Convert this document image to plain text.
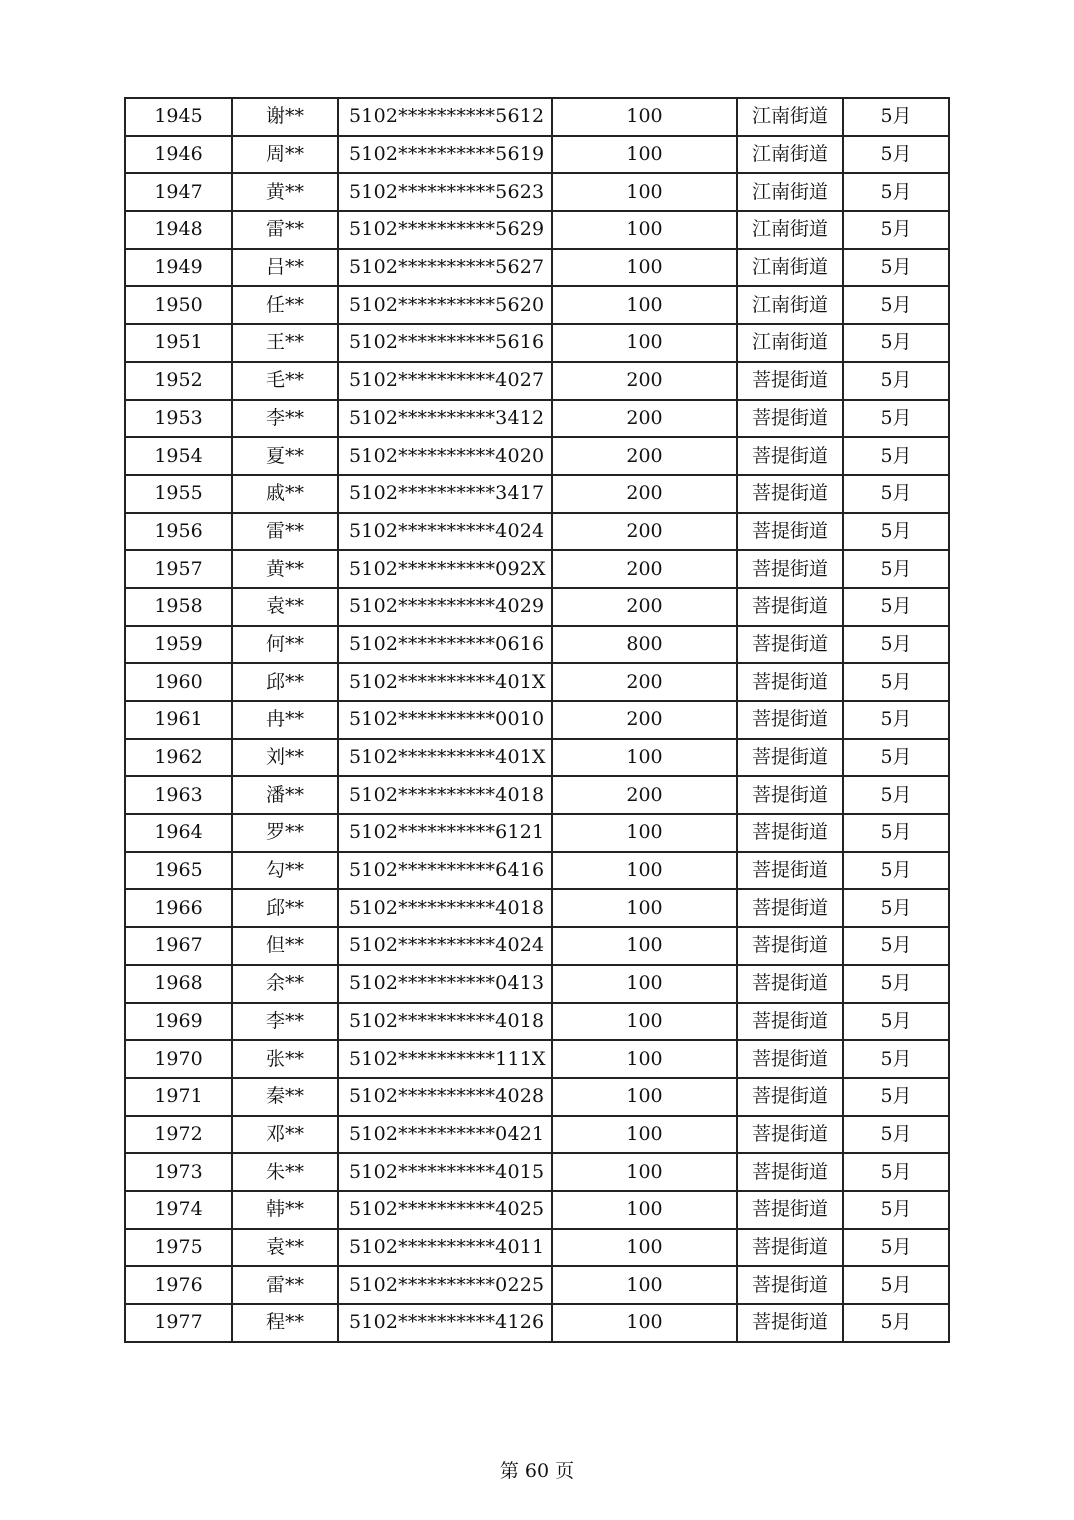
1945	谢**	5102**********5612	100	江南街道	5月
1946	周**	5102**********5619	100	江南街道	5月
1947	黄**	5102**********5623	100	江南街道	5月
1948	雷**	5102**********5629	100	江南街道	5月
1949	吕**	5102**********5627	100	江南街道	5月
1950	任**	5102**********5620	100	江南街道	5月
1951	王**	5102**********5616	100	江南街道	5月
1952	毛**	5102**********4027	200	菩提街道	5月
1953	李**	5102**********3412	200	菩提街道	5月
1954	夏**	5102**********4020	200	菩提街道	5月
1955	戚**	5102**********3417	200	菩提街道	5月
1956	雷**	5102**********4024	200	菩提街道	5月
1957	黄**	5102**********092X	200	菩提街道	5月
1958	袁**	5102**********4029	200	菩提街道	5月
1959	何**	5102**********0616	800	菩提街道	5月
1960	邱**	5102**********401X	200	菩提街道	5月
1961	冉**	5102**********0010	200	菩提街道	5月
1962	刘**	5102**********401X	100	菩提街道	5月
1963	潘**	5102**********4018	200	菩提街道	5月
1964	罗**	5102**********6121	100	菩提街道	5月
1965	勾**	5102**********6416	100	菩提街道	5月
1966	邱**	5102**********4018	100	菩提街道	5月
1967	但**	5102**********4024	100	菩提街道	5月
1968	余**	5102**********0413	100	菩提街道	5月
1969	李**	5102**********4018	100	菩提街道	5月
1970	张**	5102**********111X	100	菩提街道	5月
1971	秦**	5102**********4028	100	菩提街道	5月
1972	邓**	5102**********0421	100	菩提街道	5月
1973	朱**	5102**********4015	100	菩提街道	5月
1974	韩**	5102**********4025	100	菩提街道	5月
1975	袁**	5102**********4011	100	菩提街道	5月
1976	雷**	5102**********0225	100	菩提街道	5月
1977	程**	5102**********4126	100	菩提街道	5月
第 60 页
